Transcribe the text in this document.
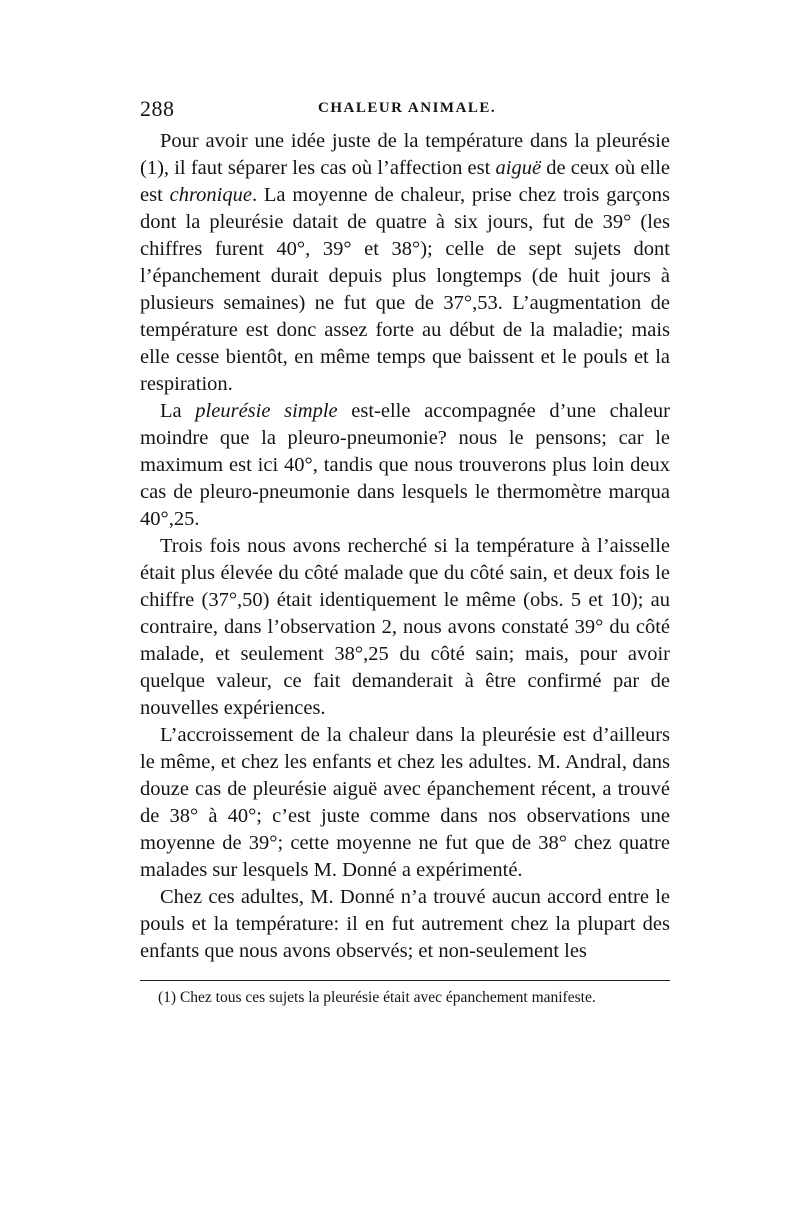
288	CHALEUR ANIMALE.

Pour avoir une idée juste de la température dans la pleurésie (1), il faut séparer les cas où l’affection est aiguë de ceux où elle est chronique. La moyenne de chaleur, prise chez trois garçons dont la pleurésie datait de quatre à six jours, fut de 39° (les chiffres furent 40°, 39° et 38°); celle de sept sujets dont l’épanchement durait depuis plus longtemps (de huit jours à plusieurs semaines) ne fut que de 37°,53. L’augmentation de température est donc assez forte au début de la maladie; mais elle cesse bientôt, en même temps que baissent et le pouls et la respiration.

La pleurésie simple est-elle accompagnée d’une chaleur moindre que la pleuro-pneumonie? nous le pensons; car le maximum est ici 40°, tandis que nous trouverons plus loin deux cas de pleuro-pneumonie dans lesquels le thermomètre marqua 40°,25.

Trois fois nous avons recherché si la température à l’aisselle était plus élevée du côté malade que du côté sain, et deux fois le chiffre (37°,50) était identiquement le même (obs. 5 et 10); au contraire, dans l’observation 2, nous avons constaté 39° du côté malade, et seulement 38°,25 du côté sain; mais, pour avoir quelque valeur, ce fait demanderait à être confirmé par de nouvelles expériences.

L’accroissement de la chaleur dans la pleurésie est d’ailleurs le même, et chez les enfants et chez les adultes. M. Andral, dans douze cas de pleurésie aiguë avec épanchement récent, a trouvé de 38° à 40°; c’est juste comme dans nos observations une moyenne de 39°; cette moyenne ne fut que de 38° chez quatre malades sur lesquels M. Donné a expérimenté.

Chez ces adultes, M. Donné n’a trouvé aucun accord entre le pouls et la température: il en fut autrement chez la plupart des enfants que nous avons observés; et non-seulement les

(1) Chez tous ces sujets la pleurésie était avec épanchement manifeste.
